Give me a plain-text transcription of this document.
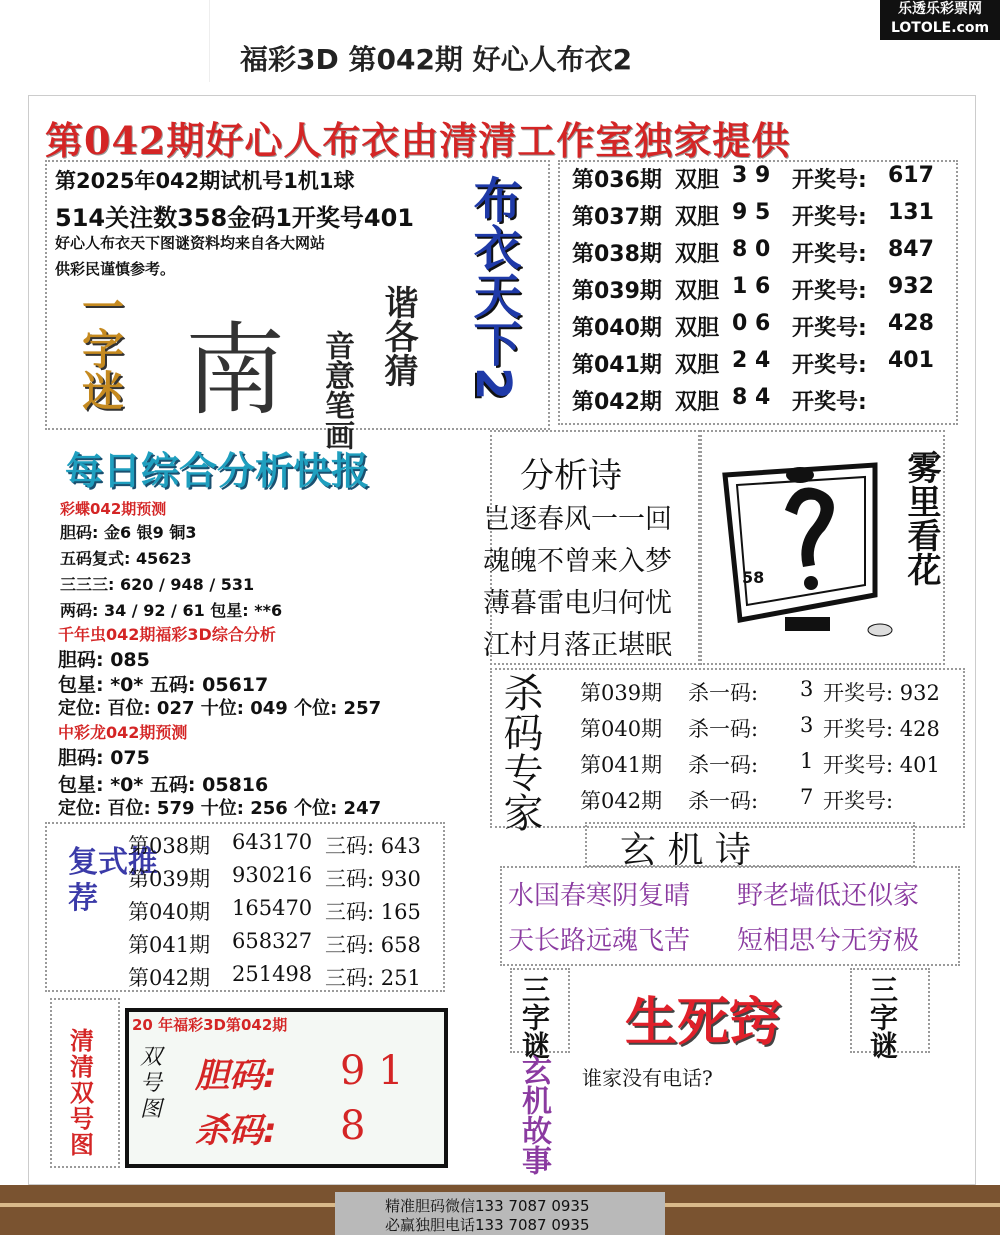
福彩3D 第042期 好心人布衣2
乐透乐彩票网
LOTOLE.com
第042期好心人布衣由清清工作室独家提供
第2025年042期试机号1机1球
514关注数358金码1开奖号401
好心人布衣天下图谜资料均来自各大网站
供彩民谨慎参考。
一字迷 南	谐各猜
音意笔画 布衣天下2 第036期 双胆 3 9 开奖号: 617
第037期 双胆 9 5 开奖号: 131
第038期 双胆 8 0 开奖号: 847
第039期 双胆 1 6 开奖号: 932
第040期 双胆 0 6 开奖号: 428
第041期 双胆 2 4 开奖号: 401
第042期 双胆 8 4 开奖号:
每日综合分析快报
彩蝶042期预测
胆码: 金6 银9 铜3
五码复式: 45623
三三三: 620 / 948 / 531
两码: 34 / 92 / 61 包星: **6
千年虫042期福彩3D综合分析
胆码: 085
包星: *0* 五码: 05617
定位: 百位: 027 十位: 049 个位: 257
中彩龙042期预测
胆码: 075
包星: *0* 五码: 05816
定位: 百位: 579 十位: 256 个位: 247
分析诗
岂逐春风一一回
魂魄不曾来入梦
薄暮雷电归何忧
江村月落正堪眠
58	雾里看花
杀码专家 第039期 杀一码: 3 开奖号: 932
第040期 杀一码: 3 开奖号: 428
第041期 杀一码: 1 开奖号: 401
第042期 杀一码: 7 开奖号:
玄 机 诗
水国春寒阴复晴 野老墙低还似家
天长路远魂飞苦 短相思兮无穷极
复式推荐
第038期 643170 三码: 643
第039期 930216 三码: 930
第040期 165470 三码: 165
第041期 658327 三码: 658
第042期 251498 三码: 251
清清双号图
20 年福彩3D第042期
双号图
胆码: 9 1
杀码: 8
三字谜	三字谜
生死窍
玄机故事 谁家没有电话?
精准胆码微信133 7087 0935
必赢独胆电话133 7087 0935
